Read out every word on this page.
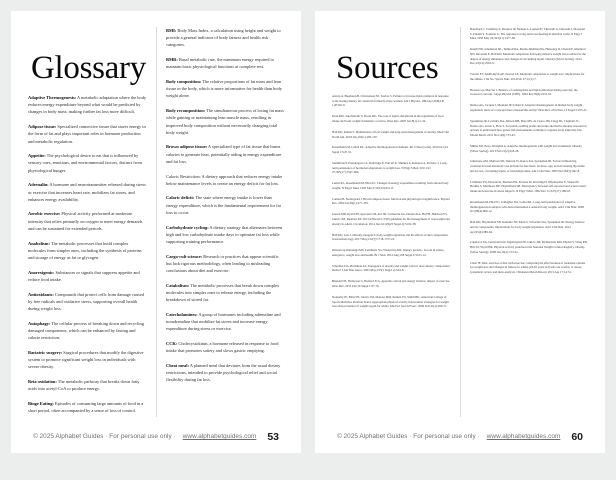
Glossary

Adaptive Thermogenesis: A metabolic adaptation where the body reduces energy expenditure beyond what would be predicted by changes in body mass, making further fat loss more difficult.

Adipose tissue: Specialized connective tissue that stores energy in the form of fat and plays important roles in hormone production and metabolic regulation.

Appetite: The psychological desire to eat that is influenced by sensory cues, emotions, and environmental factors, distinct from physiological hunger.

Adrenalin: A hormone and neurotransmitter released during stress or exercise that increases heart rate, mobilizes fat stores, and enhances energy availability.

Aerobic exercise: Physical activity performed at moderate intensity that relies primarily on oxygen to meet energy demands and can be sustained for extended periods.

Anabolism: The metabolic processes that build complex molecules from simpler ones, including the synthesis of proteins and storage of energy as fat or glycogen.

Anorexigenic: Substances or signals that suppress appetite and reduce food intake.

Antioxidants: Compounds that protect cells from damage caused by free radicals and oxidative stress, supporting overall health during weight loss.

Autophagy: The cellular process of breaking down and recycling damaged components, which can be enhanced by fasting and calorie restriction.

Bariatric surgery: Surgical procedures that modify the digestive system to promote significant weight loss in individuals with severe obesity.

Beta oxidation: The metabolic pathway that breaks down fatty acids into acetyl-CoA to produce energy.

Binge Eating: Episodes of consuming large amounts of food in a short period, often accompanied by a sense of loss of control.

BMI: Body Mass Index, a calculation using height and weight to provide a general indicator of body fatness and health risk categories.

BMR: Basal metabolic rate, the minimum energy required to maintain basic physiological functions at complete rest.

Body composition: The relative proportions of fat mass and lean tissue in the body, which is more informative for health than body weight alone.

Body recomposition: The simultaneous process of losing fat mass while gaining or maintaining lean muscle mass, resulting in improved body composition without necessarily changing total body weight.

Brown adipose tissue: A specialized type of fat tissue that burns calories to generate heat, potentially aiding in energy expenditure and fat loss.

Caloric Restriction: A dietary approach that reduces energy intake below maintenance levels to create an energy deficit for fat loss.

Caloric deficit: The state where energy intake is lower than energy expenditure, which is the fundamental requirement for fat loss to occur.

Carbohydrate cycling: A dietary strategy that alternates between high and low carbohydrate intake days to optimize fat loss while supporting training performance.

Cargo-cult science: Research or practices that appear scientific but lack rigorous methodology, often leading to misleading conclusions about diet and exercise.

Catabolism: The metabolic processes that break down complex molecules into simpler ones to release energy, including the breakdown of stored fat.

Catecholamines: A group of hormones including adrenaline and noradrenaline that mobilize fat stores and increase energy expenditure during stress or exercise.

CCK: Cholecystokinin, a hormone released in response to food intake that promotes satiety and slows gastric emptying.

Cheat meal: A planned meal that deviates from the usual dietary restrictions, intended to provide psychological relief and social flexibility during fat loss.

© 2025 Alphabet Guides · For personal use only · www.alphabetguides.com 53
Sources

Astrup A, Buemann B, Christensen NJ, Toubro S. Failure to increase lipid oxidation in response to increasing dietary fat content in formerly obese women. Am J Physiol. 1994 Apr;266(4 Pt 1):E592-9.

Klok MD, Jakobsdottir S, Drent ML. The role of leptin and ghrelin in the regulation of food intake and body weight in humans: a review. Obes Rev. 2007 Jan;8(1):21-34.

Hall KD, Kahan S. Maintenance of lost weight and long-term management of obesity. Med Clin North Am. 2018 Jan;102(1):183-197.

Rosenbaum M, Leibel RL. Adaptive thermogenesis in humans. Int J Obes (Lond). 2010 Oct;34 Suppl 1:S47-55.

Sumithran P, Prendergast LA, Delbridge E, Purcell K, Shulkes A, Kriketos A, Proietto J. Long-term persistence of hormonal adaptations to weight loss. N Engl J Med. 2011 Oct 27;365(17):1597-604.

Leibel RL, Rosenbaum M, Hirsch J. Changes in energy expenditure resulting from altered body weight. N Engl J Med. 1995 Mar 9;332(10):621-8.

Cannon B, Nedergaard J. Brown adipose tissue: function and physiological significance. Physiol Rev. 2004 Jan;84(1):277-359.

Jensen MD, Ryan DH, Apovian CM, Ard JD, Comuzzie AG, Donato KA, Hu FB, Hubbard VS, Jakicic JM, Kushner RF. 2013 AHA/ACC/TOS guideline for the management of overweight and obesity in adults. Circulation. 2014 Jun 24;129(25 Suppl 2):S102-38.

Hall KD, Guo J. Obesity energetics: body weight regulation and the effects of diet composition. Gastroenterology. 2017 May;152(7):1718-1727.e3.

Westerterp-Plantenga MS, Lemmens SG, Westerterp KR. Dietary protein - its role in satiety, energetics, weight loss and health. Br J Nutr. 2012 Aug;108 Suppl 2:S105-12.

Schoeller DA, Buchholz AC. Energetics of obesity and weight control: does dietary composition matter? J Am Diet Assoc. 2005 May;105(5 Suppl 1):S24-8.

Blundell JE, Finlayson G, Halford JCG. Appetite control and energy balance: impact of exercise. Obes Rev. 2015 Feb;16 Suppl 1:67-76.

Donnelly JE, Blair SN, Jakicic JM, Manore MM, Rankin JW, Smith BK. American College of Sports Medicine Position Stand. Appropriate physical activity intervention strategies for weight loss and prevention of weight regain for adults. Med Sci Sports Exerc. 2009 Feb;41(2):459-71.

Bouchard C, Tremblay A, Despres JP, Nadeau A, Lupien PJ, Theriault G, Dussault J, Moorjani S, Pinault S, Fournier G. The response to long-term overfeeding in identical twins. N Engl J Med. 1990 May 24;322(21):1477-82.

Knuth ND, Johannsen DL, Tamboli RA, Marks-Shulman PA, Huizenga R, Chen KY, Abumrad NN, Ravussin E, Hall KD. Metabolic adaptation following massive weight loss is related to the degree of energy imbalance and changes in circulating leptin. Obesity (Silver Spring). 2014 Dec;22(12):2563-9.

Trexler ET, Smith-Ryan AE, Norton LE. Metabolic adaptation to weight loss: implications for the athlete. J Int Soc Sports Nutr. 2014 Feb 27;11(1):7.

Brooks GA, Mercier J. Balance of carbohydrate and lipid utilization during exercise: the crossover concept. J Appl Physiol (1985). 1994 Jun;76(6):2253-61.

Dulloo AG, Jacquet J, Montani JP, Schutz Y. Adaptive thermogenesis in human body weight regulation: more of a concept than a measurable entity? Obes Rev. 2012 Dec;13 Suppl 2:105-21.

Speakman JR, Levitsky DA, Allison DB, Bray MS, de Castro JM, Clegg DJ, Clapham JC, Dulloo AG, Gruer L, Haw S. Set points, settling points and some alternative models: theoretical options to understand how genes and environments combine to regulate body adiposity. Dis Model Mech. 2011 Nov;4(6):733-45.

Müller MJ, Bosy-Westphal A. Adaptive thermogenesis with weight loss in humans. Obesity (Silver Spring). 2013 Feb;21(2):218-28.

Johnstone AM, Murison SD, Duncan JS, Rance KA, Speakman JR. Factors influencing variation in basal metabolic rate include fat-free mass, fat mass, age, and circulating thyroxine but not sex, circulating leptin, or triiodothyronine. Am J Clin Nutr. 2005 Nov;82(5):941-8.

Lichtman SW, Pisarska K, Berman ER, Pestone M, Dowling H, Offenbacher E, Weisel H, Heshka S, Matthews DE, Heymsfield SB. Discrepancy between self-reported and actual caloric intake and exercise in obese subjects. N Engl J Med. 1992 Dec 31;327(27):1893-8.

Rosenbaum M, Hirsch J, Gallagher DA, Leibel RL. Long-term persistence of adaptive thermogenesis in subjects who have maintained a reduced body weight. Am J Clin Nutr. 2008 Oct;88(4):906-12.

Hall KD, Heymsfield SB, Kemnitz JW, Klein S, Schoeller DA, Speakman JR. Energy balance and its components: implications for body weight regulation. Am J Clin Nutr. 2012 Apr;95(4):989-94.

Catenacci VA, Grunwald GK, Ingebrigtsen JP, Jakicic JM, McDermott MD, Phelan S, Wing RR, Hill JO, Wyatt HR. Physical activity patterns in the National Weight Control Registry. Obesity (Silver Spring). 2008 Jan;16(1):153-61.

Clark JE. Diet, exercise or diet with exercise: comparing the effectiveness of treatment options for weight-loss and changes in fitness for adults (18-65 years old) who are overfat, or obese; systematic review and meta-analysis. J Diabetes Metab Disord. 2015 Apr 17;14:31.

© 2025 Alphabet Guides · For personal use only · www.alphabetguides.com 60
